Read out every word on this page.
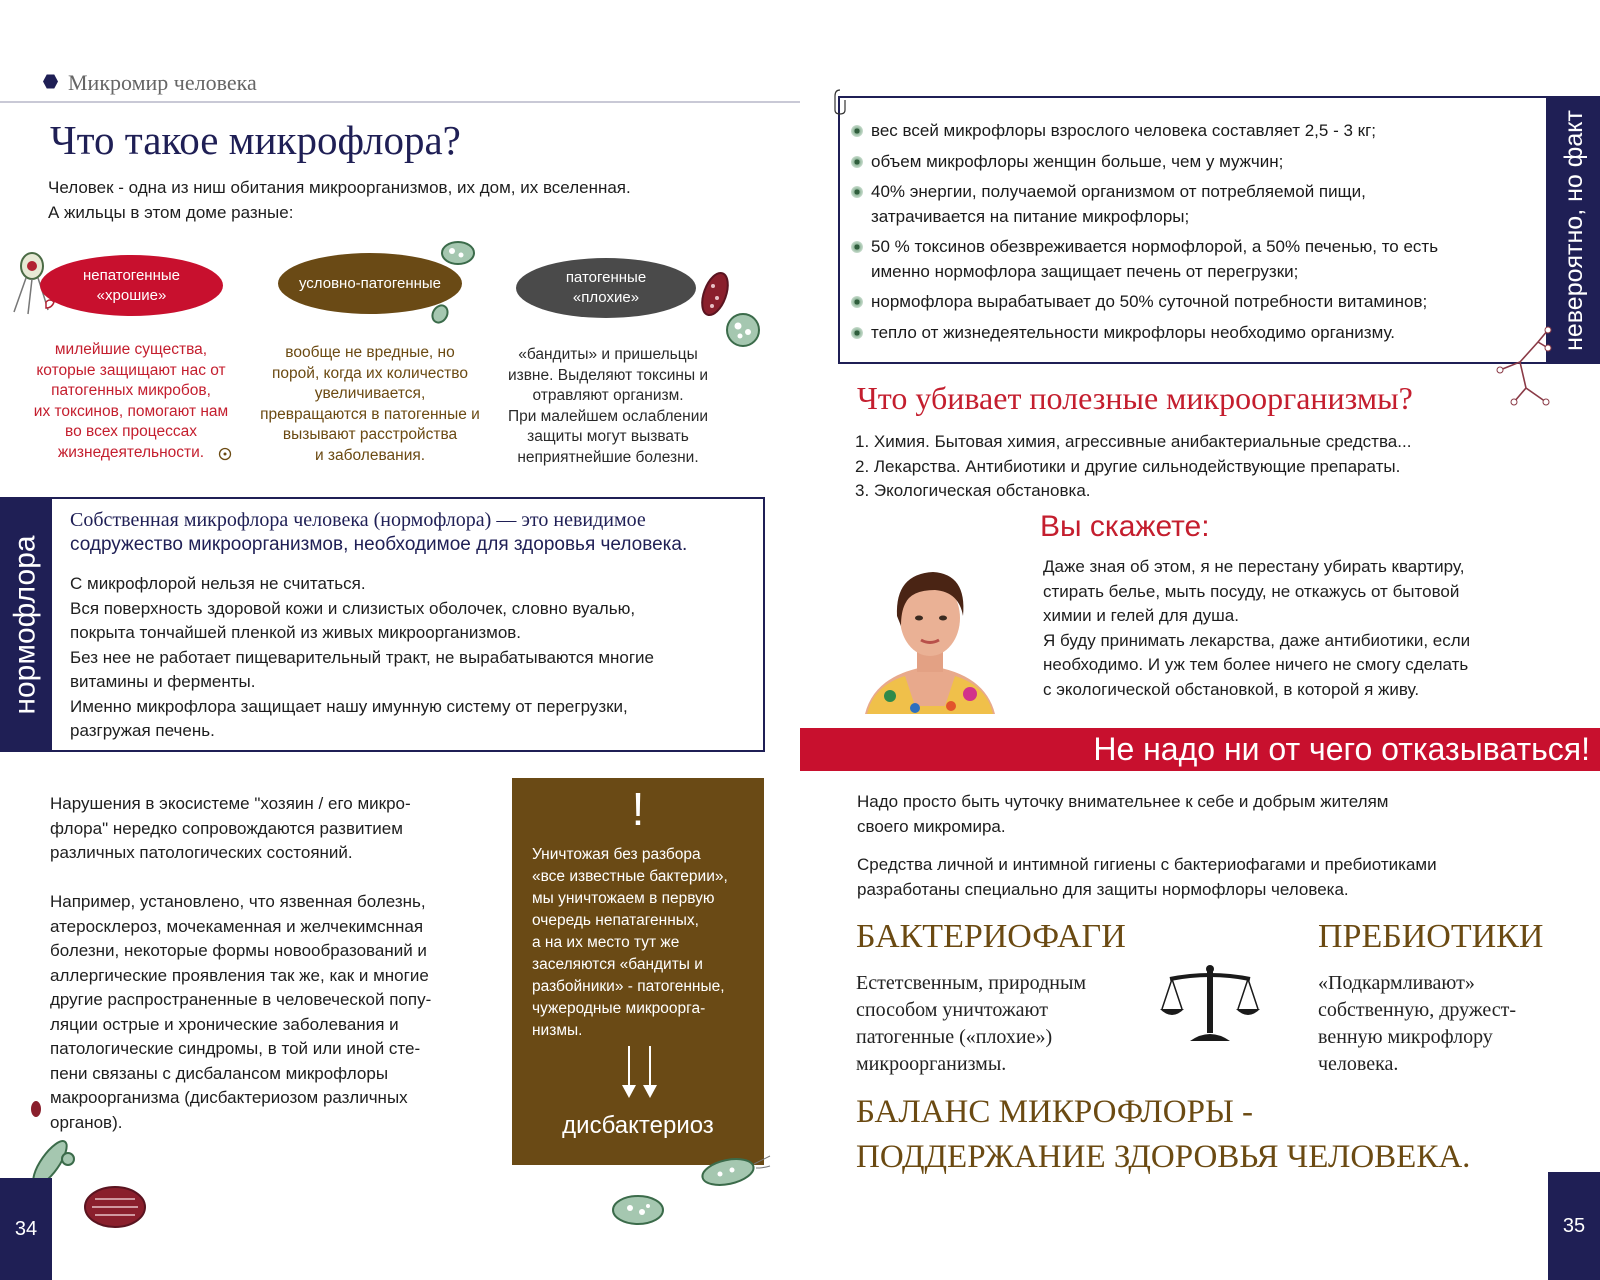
Микромир человека
Что такое микрофлора?
Человек - одна из ниш обитания микроорганизмов, их дом, их вселенная.
А жильцы в этом доме разные:
непатогенные
«хрошие»
милейшие существа,
которые защищают нас от
патогенных микробов,
их токсинов, помогают нам
во всех процессах
жизнедеятельности.
условно-патогенные
вообще не вредные, но
порой, когда их количество
увеличивается,
превращаются в патогенные и
вызывают расстройства
и заболевания.
патогенные
«плохие»
«бандиты» и пришельцы
извне. Выделяют токсины и
отравляют организм.
При малейшем ослаблении
защиты могут вызвать
неприятнейшие болезни.
нормофлора
Собственная микрофлора человека (нормофлора) — это невидимое
содружество микроорганизмов, необходимое для здоровья человека.
С микрофлорой нельзя не считаться.
Вся поверхность здоровой кожи и слизистых оболочек, словно вуалью,
покрыта тончайшей пленкой из живых микроорганизмов.
Без нее не работает пищеварительный тракт, не вырабатываются многие
витамины и ферменты.
Именно микрофлора защищает нашу имунную систему от перегрузки,
разгружая печень.
Нарушения в экосистеме "хозяин / его микро-
флора" нередко сопровождаются развитием
различных патологических состояний.
Например, установлено, что язвенная болезнь,
атеросклероз, мочекаменная и желчекимснная
болезни, некоторые формы новообразований и
аллергические проявления так же, как и многие
другие распространенные в человеческой попу-
ляции острые и хронические заболевания и
патологические синдромы, в той или иной сте-
пени связаны с дисбалансом микрофлоры
макроорганизма (дисбактериозом различных
органов).
!
Уничтожая без разбора
«все известные бактерии»,
мы уничтожаем в первую
очередь непатагенных,
а на их место тут же
заселяются «бандиты и
разбойники» - патогенные,
чужеродные микроорга-
низмы.
дисбактериоз
34
невероятно, но факт
вес всей микрофлоры взрослого человека составляет 2,5 - 3 кг;
объем микрофлоры женщин больше, чем у мужчин;
40% энергии, получаемой организмом от потребляемой пищи,
затрачивается на питание микрофлоры;
50 % токсинов обезвреживается нормофлорой, а 50% печенью, то есть
именно нормофлора защищает печень от перегрузки;
нормофлора вырабатывает до 50% суточной потребности витаминов;
тепло от жизнедеятельности микрофлоры необходимо организму.
Что убивает полезные микроорганизмы?
1. Химия. Бытовая химия, агрессивные анибактериальные средства...
2. Лекарства. Антибиотики и другие сильнодействующие препараты.
3. Экологическая обстановка.
Вы скажете:
Даже зная об этом, я не перестану убирать квартиру,
стирать белье, мыть посуду, не откажусь от бытовой
химии и гелей для душа.
Я буду принимать лекарства, даже антибиотики, если
необходимо. И уж тем более ничего не смогу сделать
с экологической обстановкой, в которой я живу.
Не надо ни от чего отказываться!
Надо просто быть чуточку внимательнее к себе и добрым жителям
своего микромира.
Средства личной и интимной гигиены с бактериофагами и пребиотиками
разработаны специально для защиты нормофлоры человека.
БАКТЕРИОФАГИ
Естетсвенным, природным
способом уничтожают
патогенные («плохие»)
микроорганизмы.
ПРЕБИОТИКИ
«Подкармливают»
собственную, дружест-
венную микрофлору
человека.
БАЛАНС МИКРОФЛОРЫ -
ПОДДЕРЖАНИЕ ЗДОРОВЬЯ ЧЕЛОВЕКА.
35
